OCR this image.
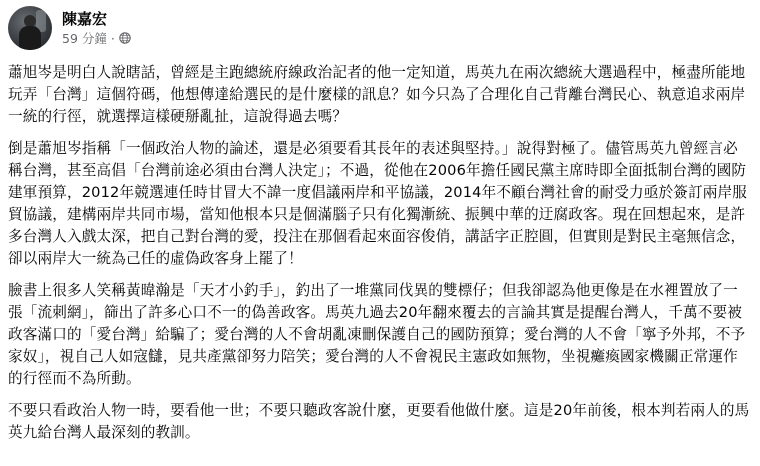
陳嘉宏
59 分鐘 ·

蕭旭岑是明白人說瞎話，曾經是主跑總統府線政治記者的他一定知道，馬英九在兩次總統大選過程中，極盡所能地玩弄「台灣」這個符碼，他想傳達給選民的是什麼樣的訊息？如今只為了合理化自己背離台灣民心、執意追求兩岸一統的行徑，就選擇這樣硬掰亂扯，這說得過去嗎？

倒是蕭旭岑指稱「一個政治人物的論述，還是必須要看其長年的表述與堅持。」說得對極了。儘管馬英九曾經言必稱台灣，甚至高倡「台灣前途必須由台灣人決定」；不過，從他在2006年擔任國民黨主席時即全面抵制台灣的國防建軍預算，2012年競選連任時甘冒大不諱一度倡議兩岸和平協議，2014年不顧台灣社會的耐受力亟於簽訂兩岸服貿協議，建構兩岸共同市場，當知他根本只是個滿腦子只有化獨漸統、振興中華的迂腐政客。現在回想起來，是許多台灣人入戲太深，把自己對台灣的愛，投注在那個看起來面容俊俏，講話字正腔圓，但實則是對民主毫無信念，卻以兩岸大一統為己任的虛偽政客身上罷了！

臉書上很多人笑稱黃暐瀚是「天才小釣手」，釣出了一堆黨同伐異的雙標仔；但我卻認為他更像是在水裡置放了一張「流刺網」，篩出了許多心口不一的偽善政客。馬英九過去20年翻來覆去的言論其實是提醒台灣人，千萬不要被政客滿口的「愛台灣」給騙了；愛台灣的人不會胡亂凍刪保護自己的國防預算；愛台灣的人不會「寧予外邦，不予家奴」，視自己人如寇讎，見共產黨卻努力陪笑；愛台灣的人不會視民主憲政如無物，坐視癱瘓國家機關正常運作的行徑而不為所動。

不要只看政治人物一時，要看他一世；不要只聽政客說什麼，更要看他做什麼。這是20年前後，根本判若兩人的馬英九給台灣人最深刻的教訓。
